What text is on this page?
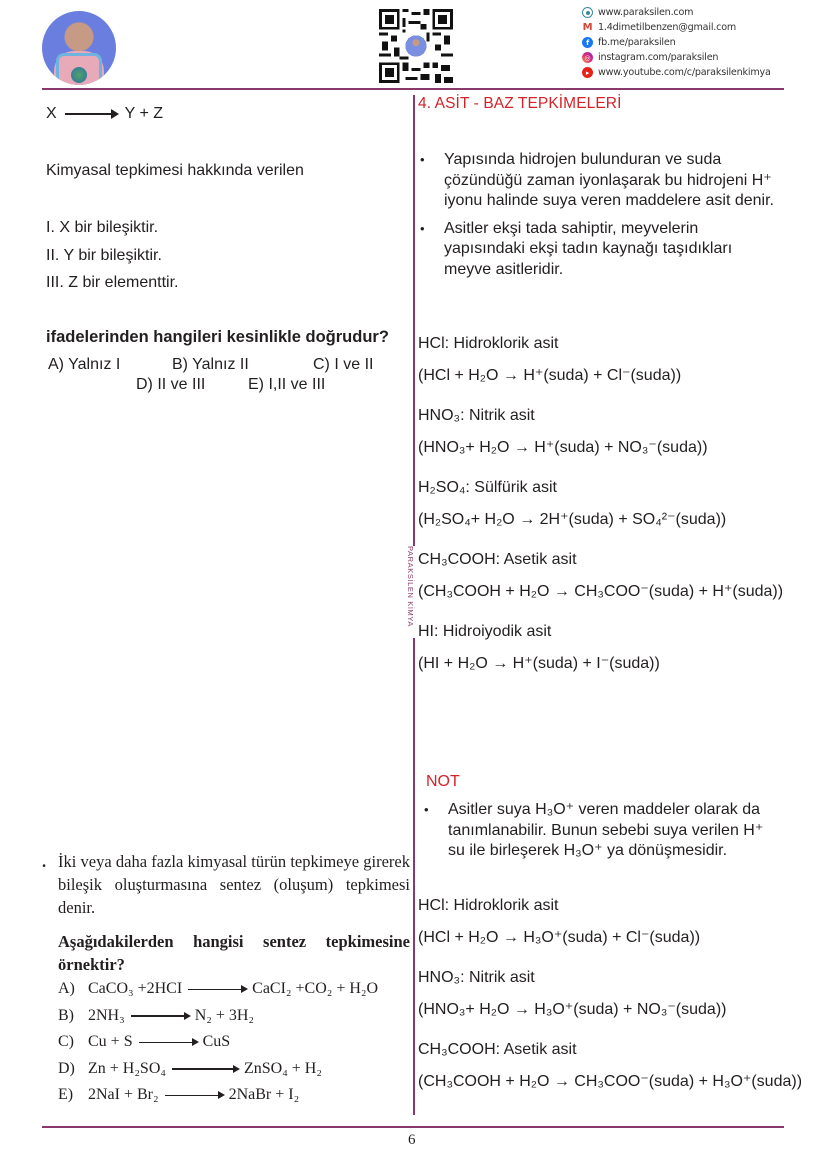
www.paraksilen.com
M 1.4dimetilbenzen@gmail.com
f fb.me/paraksilen
◎ instagram.com/paraksilen
▸ www.youtube.com/c/paraksilenkimya
PARAKSİLEN KİMYA
X → Y + Z
Kimyasal tepkimesi hakkında verilen
I. X bir bileşiktir.
II. Y bir bileşiktir.
III. Z bir elementtir.
ifadelerinden hangileri kesinlikle doğrudur?
A) Yalnız I	B) Yalnız II	C) I ve II
D) II ve III	E) I,II ve III
. İki veya daha fazla kimyasal türün tepkimeye girerek bileşik oluşturmasına sentez (oluşum) tepkimesi denir.
Aşağıdakilerden hangisi sentez tepkimesine örnektir?
A) CaCO₃ +2HCI → CaCI₂ +CO₂ + H₂O
B) 2NH₃ → N₂ + 3H₂
C) Cu + S → CuS
D) Zn + H₂SO₄	ZnSO₄ + H₂
E) 2NaI + Br₂ → 2NaBr + I₂
4. ASİT - BAZ TEPKİMELERİ
• Yapısında hidrojen bulunduran ve suda çözündüğü zaman iyonlaşarak bu hidrojeni H⁺ iyonu halinde suya veren maddelere asit denir.
• Asitler ekşi tada sahiptir, meyvelerin yapısındaki ekşi tadın kaynağı taşıdıkları meyve asitleridir.
HCl: Hidroklorik asit
(HCl + H₂O → H⁺(suda) + Cl⁻(suda))
HNO₃: Nitrik asit
(HNO₃+ H₂O → H⁺(suda) + NO₃⁻(suda))
H₂SO₄: Sülfürik asit
(H₂SO₄+ H₂O → 2H⁺(suda) + SO₄²⁻(suda))
CH₃COOH: Asetik asit
(CH₃COOH + H₂O → CH₃COO⁻(suda) + H⁺(suda))
HI: Hidroiyodik asit
(HI + H₂O → H⁺(suda) + I⁻(suda))
NOT
• Asitler suya H₃O⁺ veren maddeler olarak da tanımlanabilir. Bunun sebebi suya verilen H⁺ su ile birleşerek H₃O⁺ ya dönüşmesidir.
HCl: Hidroklorik asit
(HCl + H₂O → H₃O⁺(suda) + Cl⁻(suda))
HNO₃: Nitrik asit
(HNO₃+ H₂O → H₃O⁺(suda) + NO₃⁻(suda))
CH₃COOH: Asetik asit
(CH₃COOH + H₂O → CH₃COO⁻(suda) + H₃O⁺(suda))
6
